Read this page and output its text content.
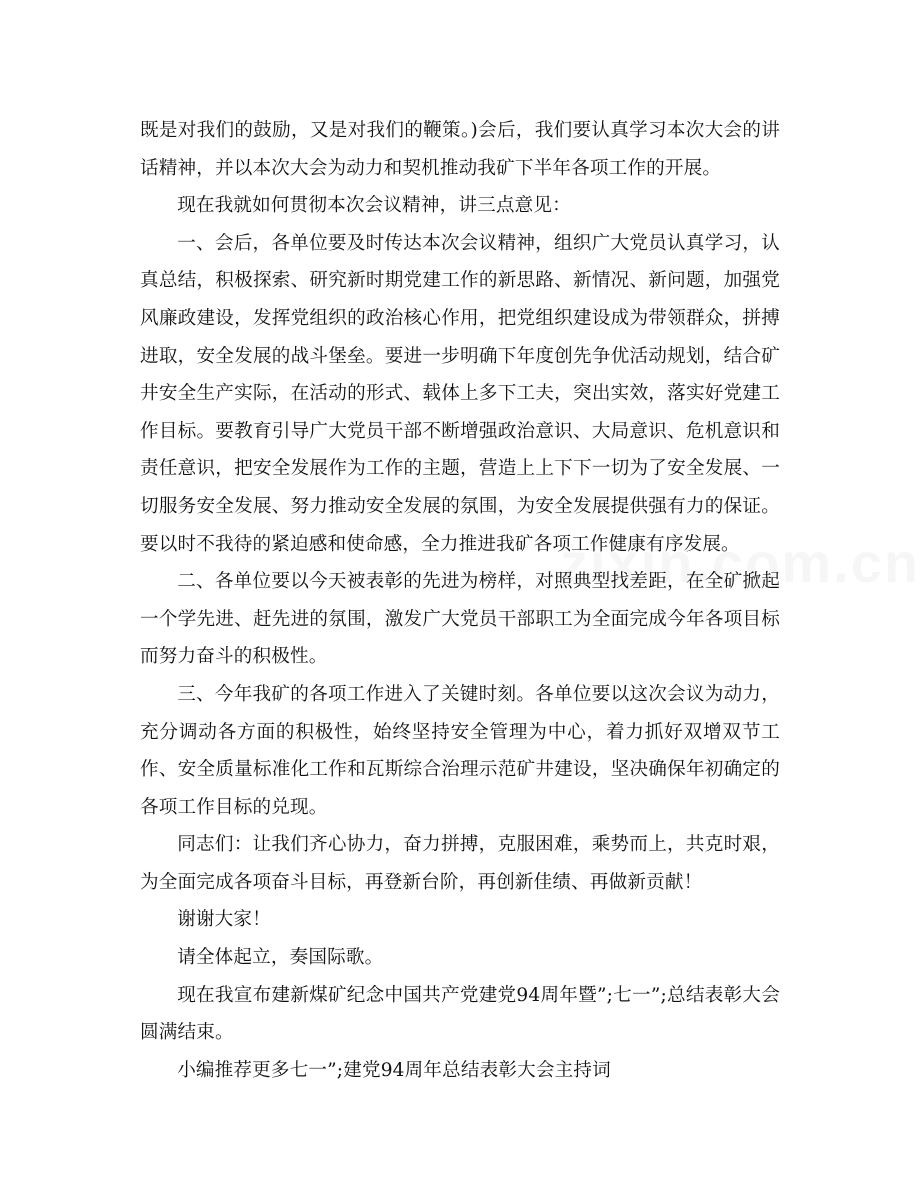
既是对我们的鼓励，又是对我们的鞭策。)会后，我们要认真学习本次大会的讲话精神，并以本次大会为动力和契机推动我矿下半年各项工作的开展。

现在我就如何贯彻本次会议精神，讲三点意见：

一、会后，各单位要及时传达本次会议精神，组织广大党员认真学习，认真总结，积极探索、研究新时期党建工作的新思路、新情况、新问题，加强党风廉政建设，发挥党组织的政治核心作用，把党组织建设成为带领群众，拼搏进取，安全发展的战斗堡垒。要进一步明确下年度创先争优活动规划，结合矿井安全生产实际，在活动的形式、载体上多下工夫，突出实效，落实好党建工作目标。要教育引导广大党员干部不断增强政治意识、大局意识、危机意识和责任意识，把安全发展作为工作的主题，营造上上下下一切为了安全发展、一切服务安全发展、努力推动安全发展的氛围，为安全发展提供强有力的保证。要以时不我待的紧迫感和使命感，全力推进我矿各项工作健康有序发展。

二、各单位要以今天被表彰的先进为榜样，对照典型找差距，在全矿掀起一个学先进、赶先进的氛围，激发广大党员干部职工为全面完成今年各项目标而努力奋斗的积极性。

三、今年我矿的各项工作进入了关键时刻。各单位要以这次会议为动力，充分调动各方面的积极性，始终坚持安全管理为中心，着力抓好双增双节工作、安全质量标准化工作和瓦斯综合治理示范矿井建设，坚决确保年初确定的各项工作目标的兑现。

同志们：让我们齐心协力，奋力拼搏，克服困难，乘势而上，共克时艰，为全面完成各项奋斗目标，再登新台阶，再创新佳绩、再做新贡献！

谢谢大家！

请全体起立，奏国际歌。

现在我宣布建新煤矿纪念中国共产党建党94周年暨”;七一”;总结表彰大会圆满结束。

小编推荐更多七一”;建党94周年总结表彰大会主持词
